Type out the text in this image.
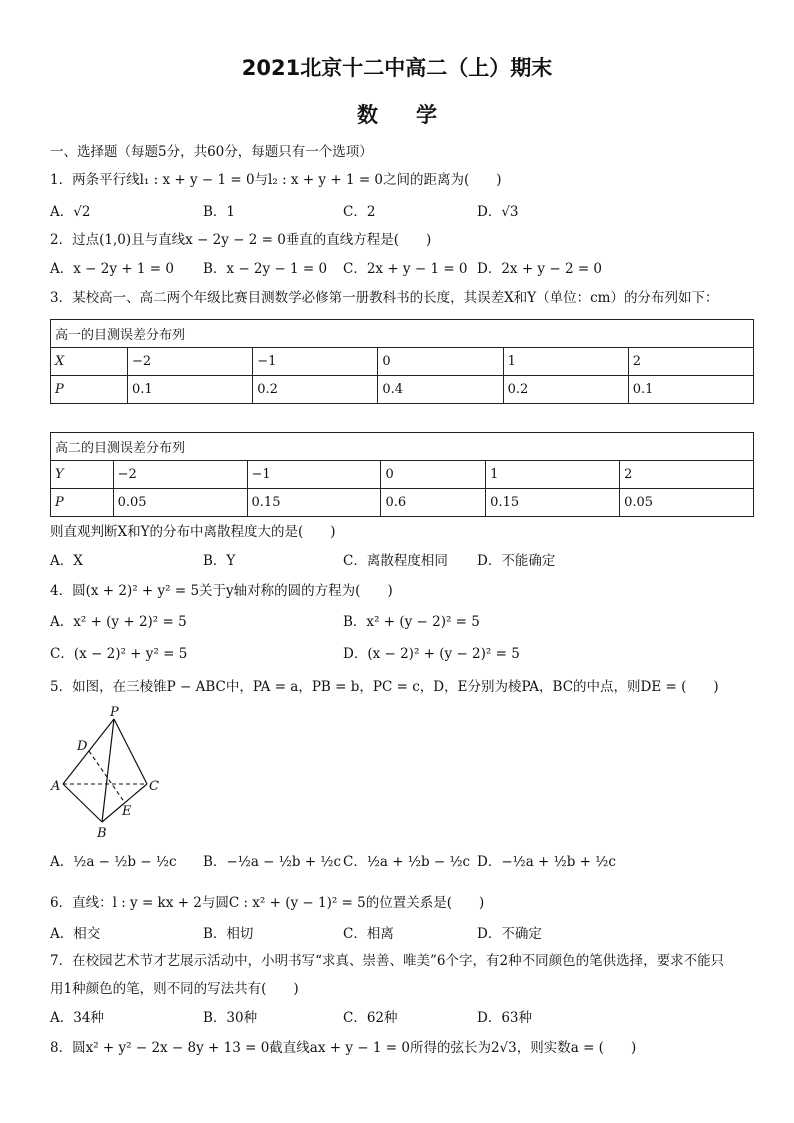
2021北京十二中高二（上）期末
数学
一、选择题（每题5分，共60分，每题只有一个选项）
1．两条平行线l₁ : x + y − 1 = 0与l₂ : x + y + 1 = 0之间的距离为(　　)
A．√2	B．1	C．2	D．√3
2．过点(1,0)且与直线x − 2y − 2 = 0垂直的直线方程是(　　)
A．x − 2y + 1 = 0 B．x − 2y − 1 = 0 C．2x + y − 1 = 0 D．2x + y − 2 = 0
3．某校高一、高二两个年级比赛目测数学必修第一册教科书的长度，其误差X和Y（单位：cm）的分布列如下：
高一的目测误差分布列					
X	−2	−1	0	1	2
P	0.1	0.2	0.4	0.2	0.1
高二的目测误差分布列					
Y	−2	−1	0	1	2
P	0.05	0.15	0.6	0.15	0.05
则直观判断X和Y的分布中离散程度大的是(　　)
A．X	B．Y	C．离散程度相同 D．不能确定
4．圆(x + 2)² + y² = 5关于y轴对称的圆的方程为(　　)
A．x² + (y + 2)² = 5	B．x² + (y − 2)² = 5
C．(x − 2)² + y² = 5	D．(x − 2)² + (y − 2)² = 5
5．如图，在三棱锥P − ABC中，PA = a，PB = b，PC = c，D，E分别为棱PA，BC的中点，则DE = (　　)
P
D
A	C
E
B
A．½a − ½b − ½c B．−½a − ½b + ½c C．½a + ½b − ½c D．−½a + ½b + ½c
6．直线：l : y = kx + 2与圆C : x² + (y − 1)² = 5的位置关系是(　　)
A．相交	B．相切	C．相离	D．不确定
7．在校园艺术节才艺展示活动中，小明书写“求真、崇善、唯美”6个字，有2种不同颜色的笔供选择，要求不能只
用1种颜色的笔，则不同的写法共有(　　)
A．34种	B．30种	C．62种	D．63种
8．圆x² + y² − 2x − 8y + 13 = 0截直线ax + y − 1 = 0所得的弦长为2√3，则实数a = (　　)
